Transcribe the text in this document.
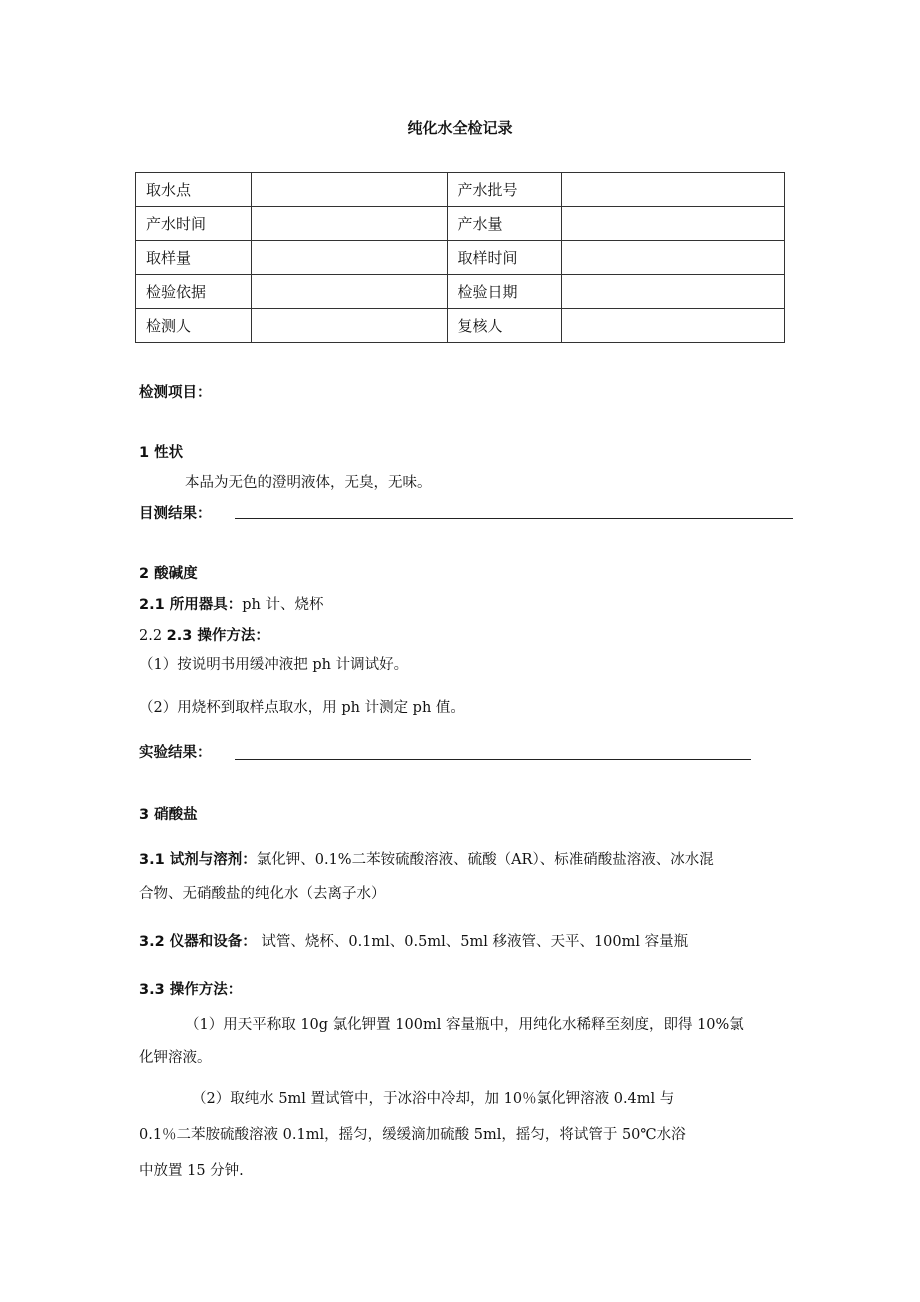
纯化水全检记录
取水点		产水批号	
产水时间		产水量	
取样量		取样时间	
检验依据		检验日期	
检测人		复核人	
检测项目：
1 性状
本品为无色的澄明液体，无臭，无味。
目测结果：
2 酸碱度
2.1 所用器具：ph 计、烧杯
2.2 2.3 操作方法：
（1）按说明书用缓冲液把 ph 计调试好。
（2）用烧杯到取样点取水，用 ph 计测定 ph 值。
实验结果：
3 硝酸盐
3.1 试剂与溶剂：氯化钾、0.1%二苯铵硫酸溶液、硫酸（AR）、标准硝酸盐溶液、冰水混
合物、无硝酸盐的纯化水（去离子水）
3.2 仪器和设备： 试管、烧杯、0.1ml、0.5ml、5ml 移液管、天平、100ml 容量瓶
3.3 操作方法：
（1）用天平称取 10g 氯化钾置 100ml 容量瓶中，用纯化水稀释至刻度，即得 10%氯
化钾溶液。
（2）取纯水 5ml 置试管中，于冰浴中冷却，加 10％氯化钾溶液 0.4ml 与
0.1％二苯胺硫酸溶液 0.1ml，摇匀，缓缓滴加硫酸 5ml，摇匀，将试管于 50℃水浴
中放置 15 分钟.
